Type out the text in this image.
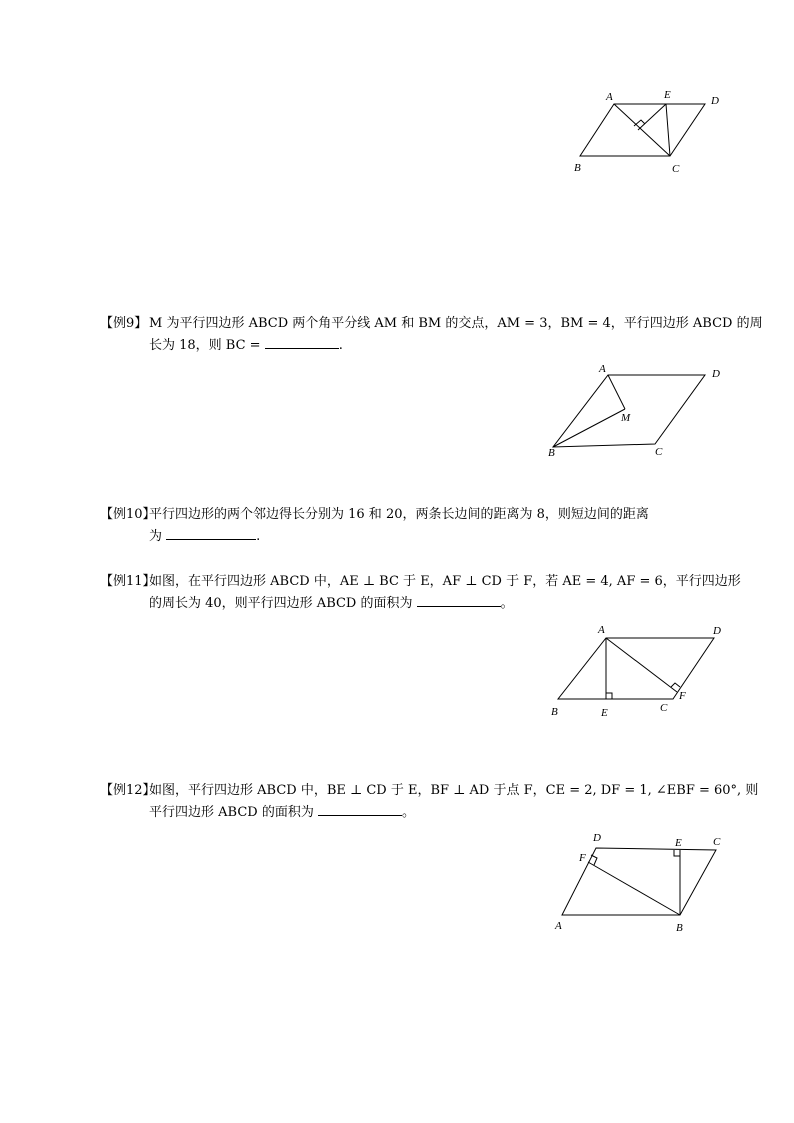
A	E	D
B	C
【例9】 M 为平行四边形 ABCD 两个角平分线 AM 和 BM 的交点，AM = 3，BM = 4，平行四边形 ABCD 的周
长为 18，则 BC =	.
A	D
M
B	C
【例10】
平行四边形的两个邻边得长分别为 16 和 20，两条长边间的距离为 8，则短边间的距离
为	.
【例11】
如图，在平行四边形 ABCD 中，AE ⊥ BC 于 E，AF ⊥ CD 于 F，若 AE = 4, AF = 6，平行四边形
的周长为 40，则平行四边形 ABCD 的面积为	。
A	D
F
B	E	C
【例12】
如图，平行四边形 ABCD 中，BE ⊥ CD 于 E，BF ⊥ AD 于点 F，CE = 2, DF = 1, ∠EBF = 60°, 则
平行四边形 ABCD 的面积为	。
D	E	C
F
A	B
